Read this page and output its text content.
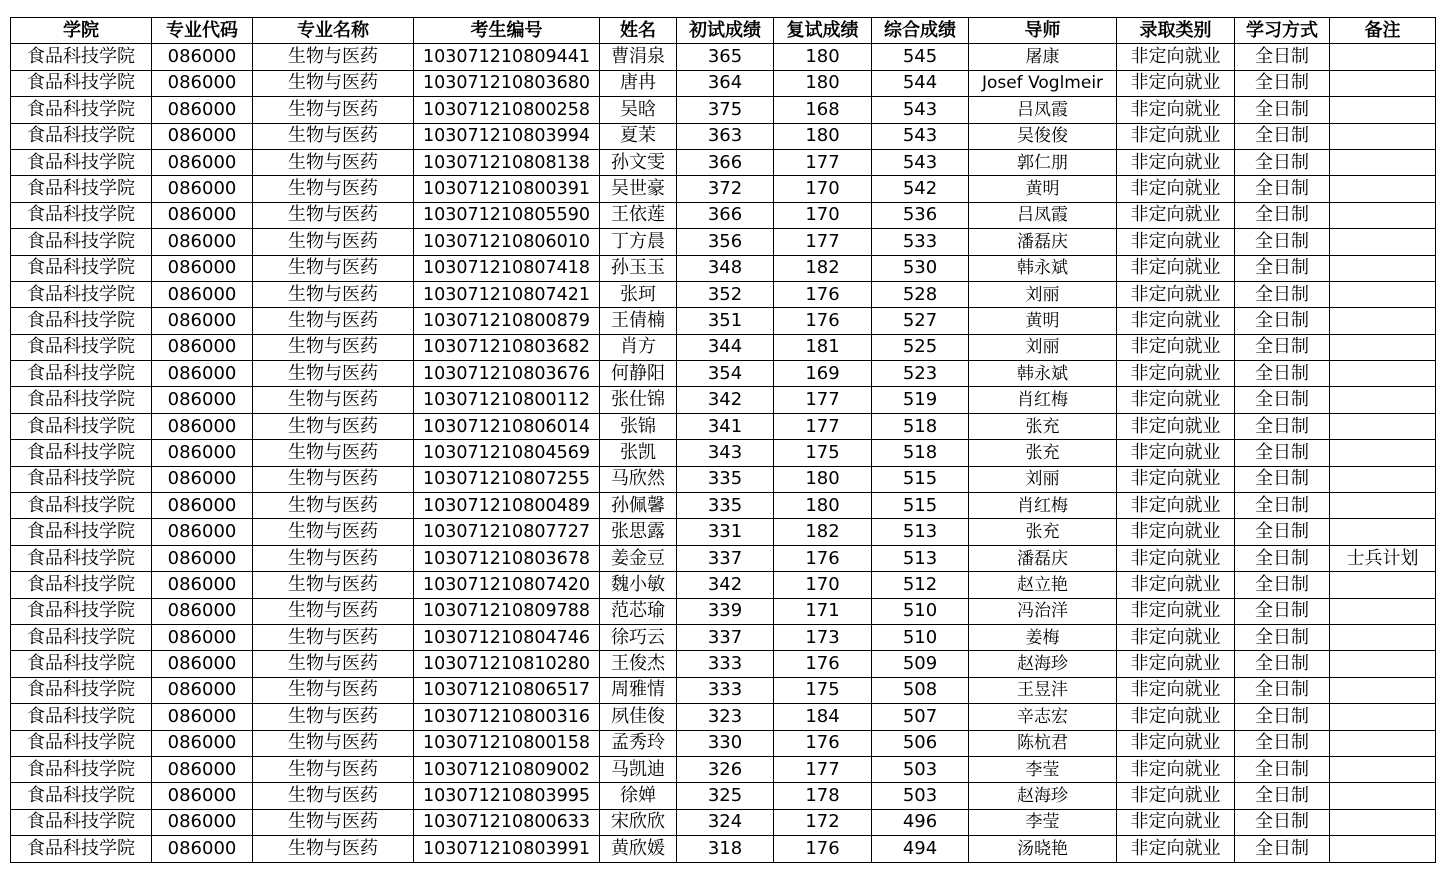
学院	专业代码	专业名称	考生编号	姓名	初试成绩	复试成绩	综合成绩	导师	录取类别	学习方式	备注
食品科技学院	086000	生物与医药	103071210809441	曹涓泉	365	180	545	屠康	非定向就业	全日制	
食品科技学院	086000	生物与医药	103071210803680	唐冉	364	180	544	Josef Voglmeir	非定向就业	全日制	
食品科技学院	086000	生物与医药	103071210800258	吴晗	375	168	543	吕凤霞	非定向就业	全日制	
食品科技学院	086000	生物与医药	103071210803994	夏茉	363	180	543	吴俊俊	非定向就业	全日制	
食品科技学院	086000	生物与医药	103071210808138	孙文雯	366	177	543	郭仁朋	非定向就业	全日制	
食品科技学院	086000	生物与医药	103071210800391	吴世豪	372	170	542	黄明	非定向就业	全日制	
食品科技学院	086000	生物与医药	103071210805590	王依莲	366	170	536	吕凤霞	非定向就业	全日制	
食品科技学院	086000	生物与医药	103071210806010	丁方晨	356	177	533	潘磊庆	非定向就业	全日制	
食品科技学院	086000	生物与医药	103071210807418	孙玉玉	348	182	530	韩永斌	非定向就业	全日制	
食品科技学院	086000	生物与医药	103071210807421	张珂	352	176	528	刘丽	非定向就业	全日制	
食品科技学院	086000	生物与医药	103071210800879	王倩楠	351	176	527	黄明	非定向就业	全日制	
食品科技学院	086000	生物与医药	103071210803682	肖方	344	181	525	刘丽	非定向就业	全日制	
食品科技学院	086000	生物与医药	103071210803676	何静阳	354	169	523	韩永斌	非定向就业	全日制	
食品科技学院	086000	生物与医药	103071210800112	张仕锦	342	177	519	肖红梅	非定向就业	全日制	
食品科技学院	086000	生物与医药	103071210806014	张锦	341	177	518	张充	非定向就业	全日制	
食品科技学院	086000	生物与医药	103071210804569	张凯	343	175	518	张充	非定向就业	全日制	
食品科技学院	086000	生物与医药	103071210807255	马欣然	335	180	515	刘丽	非定向就业	全日制	
食品科技学院	086000	生物与医药	103071210800489	孙佩馨	335	180	515	肖红梅	非定向就业	全日制	
食品科技学院	086000	生物与医药	103071210807727	张思露	331	182	513	张充	非定向就业	全日制	
食品科技学院	086000	生物与医药	103071210803678	姜金豆	337	176	513	潘磊庆	非定向就业	全日制	士兵计划
食品科技学院	086000	生物与医药	103071210807420	魏小敏	342	170	512	赵立艳	非定向就业	全日制	
食品科技学院	086000	生物与医药	103071210809788	范芯瑜	339	171	510	冯治洋	非定向就业	全日制	
食品科技学院	086000	生物与医药	103071210804746	徐巧云	337	173	510	姜梅	非定向就业	全日制	
食品科技学院	086000	生物与医药	103071210810280	王俊杰	333	176	509	赵海珍	非定向就业	全日制	
食品科技学院	086000	生物与医药	103071210806517	周雅情	333	175	508	王昱沣	非定向就业	全日制	
食品科技学院	086000	生物与医药	103071210800316	夙佳俊	323	184	507	辛志宏	非定向就业	全日制	
食品科技学院	086000	生物与医药	103071210800158	孟秀玲	330	176	506	陈杭君	非定向就业	全日制	
食品科技学院	086000	生物与医药	103071210809002	马凯迪	326	177	503	李莹	非定向就业	全日制	
食品科技学院	086000	生物与医药	103071210803995	徐婵	325	178	503	赵海珍	非定向就业	全日制	
食品科技学院	086000	生物与医药	103071210800633	宋欣欣	324	172	496	李莹	非定向就业	全日制	
食品科技学院	086000	生物与医药	103071210803991	黄欣媛	318	176	494	汤晓艳	非定向就业	全日制	
